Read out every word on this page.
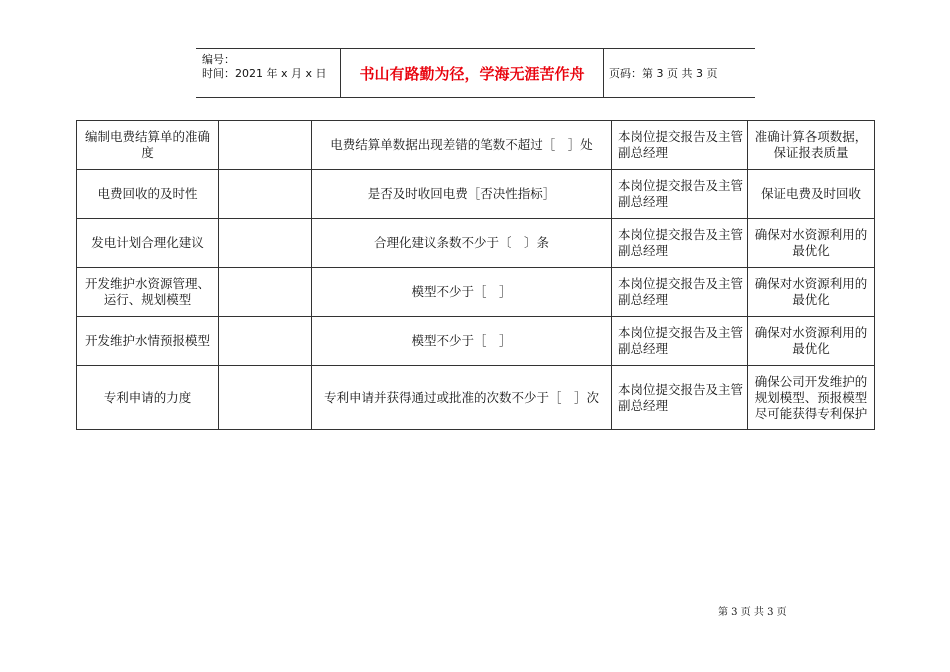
编号：
时间：2021 年 x 月 x 日	书山有路勤为径，学海无涯苦作舟	页码：第 3 页 共 3 页
编制电费结算单的准确度		电费结算单数据出现差错的笔数不超过［　］处	本岗位提交报告及主管副总经理	准确计算各项数据，保证报表质量
电费回收的及时性		是否及时收回电费［否决性指标］	本岗位提交报告及主管副总经理	保证电费及时回收
发电计划合理化建议		合理化建议条数不少于〔　〕条	本岗位提交报告及主管副总经理	确保对水资源利用的最优化
开发维护水资源管理、运行、规划模型		模型不少于［　］	本岗位提交报告及主管副总经理	确保对水资源利用的最优化
开发维护水情预报模型		模型不少于［　］	本岗位提交报告及主管副总经理	确保对水资源利用的最优化
专利申请的力度		专利申请并获得通过或批准的次数不少于［　］次	本岗位提交报告及主管副总经理	确保公司开发维护的规划模型、预报模型尽可能获得专利保护
第 3 页 共 3 页
